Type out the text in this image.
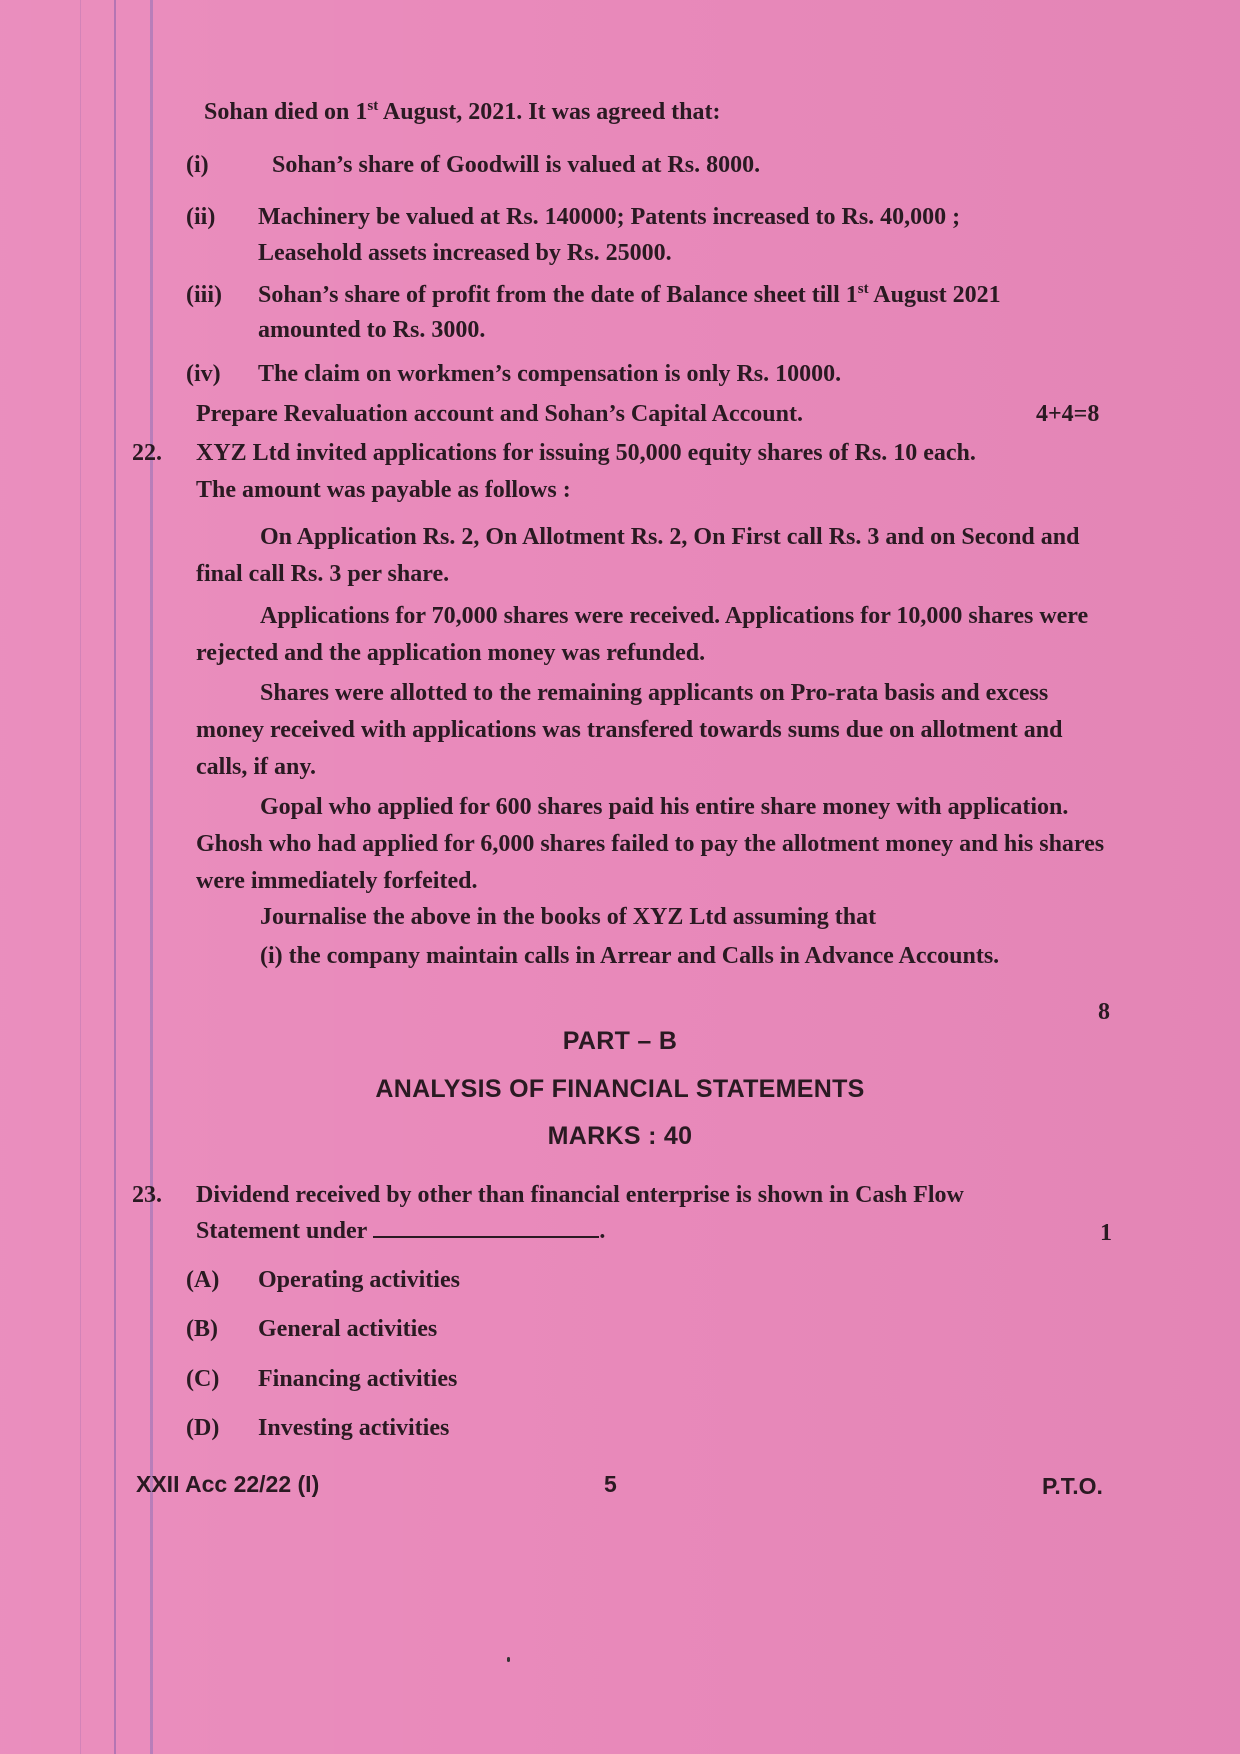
Sohan died on 1st August, 2021. It was agreed that:
(i)	Sohan’s share of Goodwill is valued at Rs. 8000.
(ii) Machinery be valued at Rs. 140000; Patents increased to Rs. 40,000 ;
Leasehold assets increased by Rs. 25000.
(iii) Sohan’s share of profit from the date of Balance sheet till 1st August 2021
amounted to Rs. 3000.
(iv) The claim on workmen’s compensation is only Rs. 10000.
Prepare Revaluation account and Sohan’s Capital Account.	4+4=8
22. XYZ Ltd invited applications for issuing 50,000 equity shares of Rs. 10 each.
The amount was payable as follows :
On Application Rs. 2, On Allotment Rs. 2, On First call Rs. 3 and on Second and final call Rs. 3 per share.
Applications for 70,000 shares were received. Applications for 10,000 shares were rejected and the application money was refunded.
Shares were allotted to the remaining applicants on Pro-rata basis and excess money received with applications was transfered towards sums due on allotment and calls, if any.
Gopal who applied for 600 shares paid his entire share money with application. Ghosh who had applied for 6,000 shares failed to pay the allotment money and his shares were immediately forfeited.
Journalise the above in the books of XYZ Ltd assuming that
(i) the company maintain calls in Arrear and Calls in Advance Accounts.
8
PART – B
ANALYSIS OF FINANCIAL STATEMENTS
MARKS : 40
23. Dividend received by other than financial enterprise is shown in Cash Flow
Statement under	.	1
(A) Operating activities
(B) General activities
(C) Financing activities
(D) Investing activities
XXII Acc 22/22 (I)	5	P.T.O.
